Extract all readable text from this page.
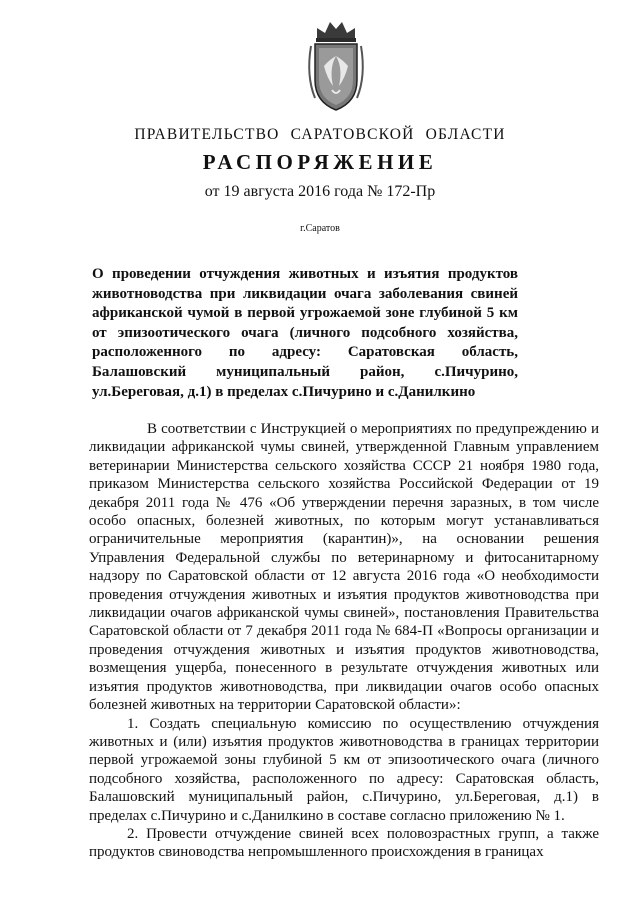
ПРАВИТЕЛЬСТВО САРАТОВСКОЙ ОБЛАСТИ
РАСПОРЯЖЕНИЕ
от 19 августа 2016 года № 172-Пр
г.Саратов
О проведении отчуждения животных и изъятия продуктов животноводства при ликвидации очага заболевания свиней африканской чумой в первой угрожаемой зоне глубиной 5 км от эпизоотического очага (личного подсобного хозяйства, расположенного по адресу: Саратовская область, Балашовский муниципальный район, с.Пичурино, ул.Береговая, д.1) в пределах с.Пичурино и с.Данилкино

В соответствии с Инструкцией о мероприятиях по предупреждению и ликвидации африканской чумы свиней, утвержденной Главным управлением ветеринарии Министерства сельского хозяйства СССР 21 ноября 1980 года, приказом Министерства сельского хозяйства Российской Федерации от 19 декабря 2011 года № 476 «Об утверждении перечня заразных, в том числе особо опасных, болезней животных, по которым могут устанавливаться ограничительные мероприятия (карантин)», на основании решения Управления Федеральной службы по ветеринарному и фитосанитарному надзору по Саратовской области от 12 августа 2016 года «О необходимости проведения отчуждения животных и изъятия продуктов животноводства при ликвидации очагов африканской чумы свиней», постановления Правительства Саратовской области от 7 декабря 2011 года № 684-П «Вопросы организации и проведения отчуждения животных и изъятия продуктов животноводства, возмещения ущерба, понесенного в результате отчуждения животных или изъятия продуктов животноводства, при ликвидации очагов особо опасных болезней животных на территории Саратовской области»:

1. Создать специальную комиссию по осуществлению отчуждения животных и (или) изъятия продуктов животноводства в границах территории первой угрожаемой зоны глубиной 5 км от эпизоотического очага (личного подсобного хозяйства, расположенного по адресу: Саратовская область, Балашовский муниципальный район, с.Пичурино, ул.Береговая, д.1) в пределах с.Пичурино и с.Данилкино в составе согласно приложению № 1.

2. Провести отчуждение свиней всех половозрастных групп, а также продуктов свиноводства непромышленного происхождения в границах
